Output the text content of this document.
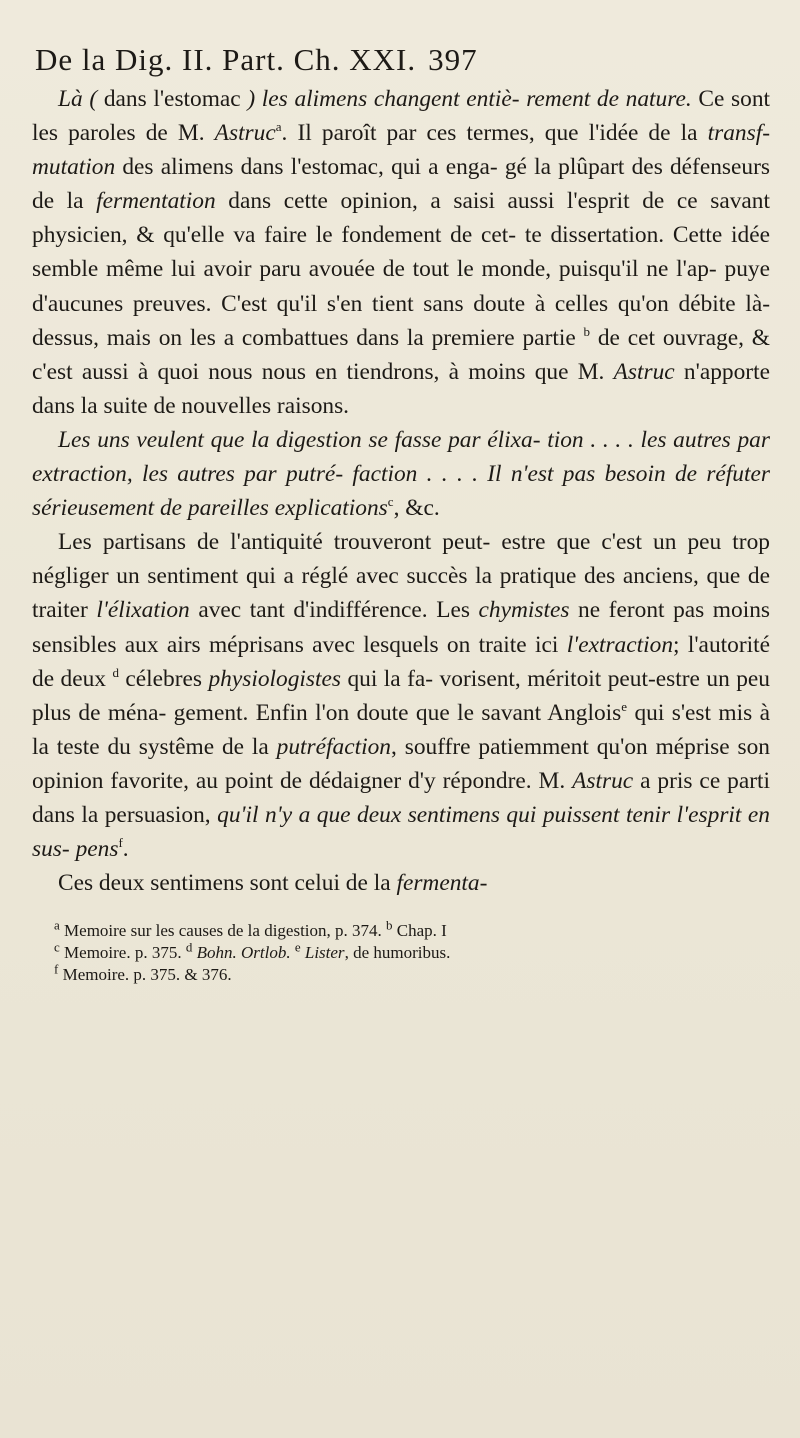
De la Dig. II. Part. Ch. XXI. 397

Là ( dans l'estomac ) les alimens changent entiè- rement de nature. Ce sont les paroles de M. Astruc$^a$. Il paroît par ces termes, que l'idée de la transf- mutation des alimens dans l'estomac, qui a enga- gé la plûpart des défenseurs de la fermentation dans cette opinion, a saisi aussi l'esprit de ce savant physicien, & qu'elle va faire le fondement de cet- te dissertation. Cette idée semble même lui avoir paru avouée de tout le monde, puisqu'il ne l'ap- puye d'aucunes preuves. C'est qu'il s'en tient sans doute à celles qu'on débite là-dessus, mais on les a combattues dans la premiere partie $^b$ de cet ouvrage, & c'est aussi à quoi nous nous en tiendrons, à moins que M. Astruc n'apporte dans la suite de nouvelles raisons.

Les uns veulent que la digestion se fasse par élixa- tion . . . . les autres par extraction, les autres par putré- faction . . . . Il n'est pas besoin de réfuter sérieusement de pareilles explications$^c$, &c.

Les partisans de l'antiquité trouveront peut- estre que c'est un peu trop négliger un sentiment qui a réglé avec succès la pratique des anciens, que de traiter l'élixation avec tant d'indifférence. Les chymistes ne feront pas moins sensibles aux airs méprisans avec lesquels on traite ici l'extraction; l'autorité de deux $^d$ célebres physiologistes qui la fa- vorisent, méritoit peut-estre un peu plus de ména- gement. Enfin l'on doute que le savant Anglois$^e$ qui s'est mis à la teste du systême de la putréfaction, souffre patiemment qu'on méprise son opinion favorite, au point de dédaigner d'y répondre. M. Astruc a pris ce parti dans la persuasion, qu'il n'y a que deux sentimens qui puissent tenir l'esprit en sus- pens$^f$.

Ces deux sentimens sont celui de la fermenta-

$^a$ Memoire sur les causes de la digestion, p. 374. $^b$ Chap. I
$^c$ Memoire. p. 375. $^d$ Bohn. Ortlob. $^e$ Lister, de humoribus.
$^f$ Memoire. p. 375. & 376.
